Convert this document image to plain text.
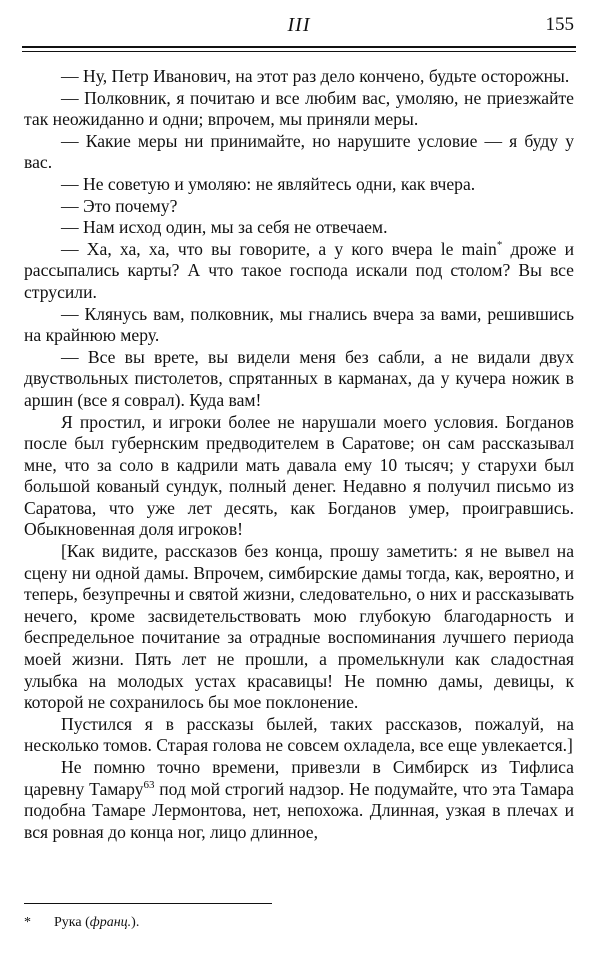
III	155

— Ну, Петр Иванович, на этот раз дело кончено, будьте осторожны.

— Полковник, я почитаю и все любим вас, умоляю, не приезжайте так неожиданно и одни; впрочем, мы приняли меры.

— Какие меры ни принимайте, но нарушите условие — я буду у вас.

— Не советую и умоляю: не являйтесь одни, как вчера.

— Это почему?

— Нам исход один, мы за себя не отвечаем.

— Ха, ха, ха, что вы говорите, а у кого вчера le main* дроже и рассыпались карты? А что такое господа искали под столом? Вы все струсили.

— Клянусь вам, полковник, мы гнались вчера за вами, решившись на крайнюю меру.

— Все вы врете, вы видели меня без сабли, а не видали двух двуствольных пистолетов, спрятанных в карманах, да у кучера ножик в аршин (все я соврал). Куда вам!

Я простил, и игроки более не нарушали моего условия. Богданов после был губернским предводителем в Саратове; он сам рассказывал мне, что за соло в кадрили мать давала ему 10 тысяч; у старухи был большой кованый сундук, полный денег. Недавно я получил письмо из Саратова, что уже лет десять, как Богданов умер, проигравшись. Обыкновенная доля игроков!

[Как видите, рассказов без конца, прошу заметить: я не вывел на сцену ни одной дамы. Впрочем, симбирские дамы тогда, как, вероятно, и теперь, безупречны и святой жизни, следовательно, о них и рассказывать нечего, кроме засвидетельствовать мою глубокую благодарность и беспредельное почитание за отрадные воспоминания лучшего периода моей жизни. Пять лет не прошли, а промелькнули как сладостная улыбка на молодых устах красавицы! Не помню дамы, девицы, к которой не сохранилось бы мое поклонение.

Пустился я в рассказы былей, таких рассказов, пожалуй, на несколько томов. Старая голова не совсем охладела, все еще увлекается.]

Не помню точно времени, привезли в Симбирск из Тифлиса царевну Тамару$^{63}$ под мой строгий надзор. Не подумайте, что эта Тамара подобна Тамаре Лермонтова, нет, непохожа. Длинная, узкая в плечах и вся ровная до конца ног, лицо длинное,

* Рука (франц.).
